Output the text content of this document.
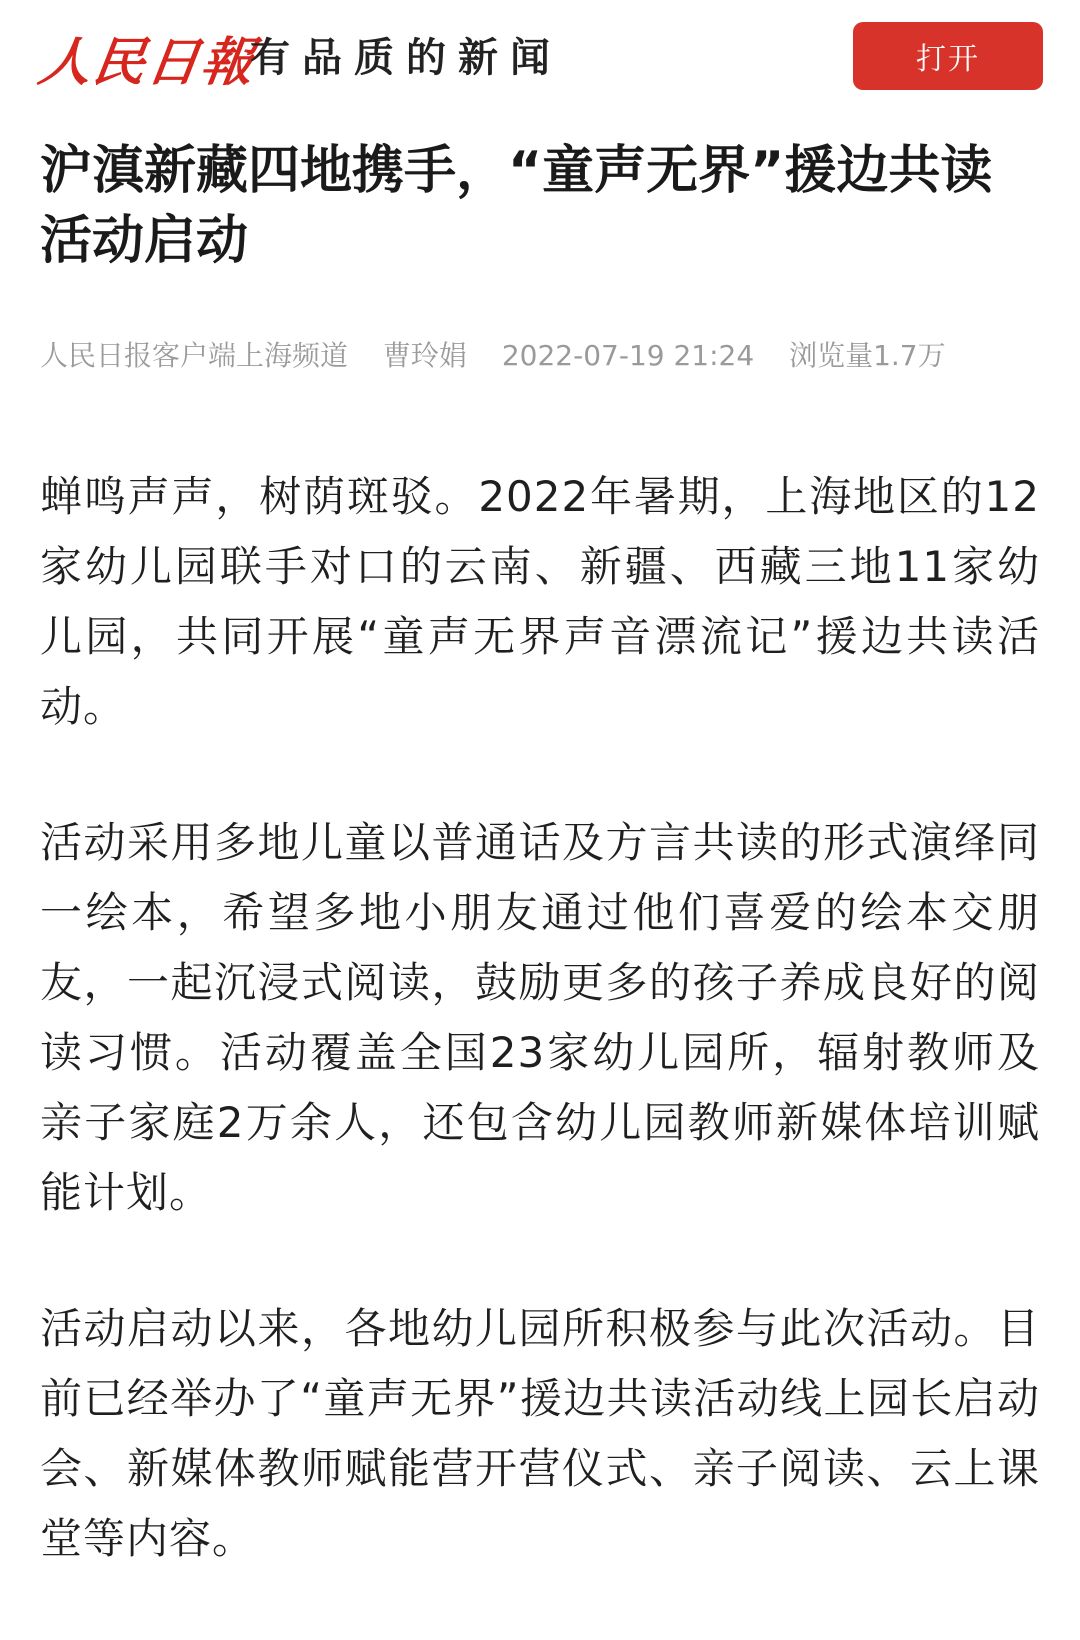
人民日報
有品质的新闻	打开
沪滇新藏四地携手，“童声无界”援边共读活动启动
人民日报客户端上海频道 曹玲娟 2022-07-19 21:24 浏览量1.7万

蝉鸣声声，树荫斑驳。2022年暑期，上海地区的12家幼儿园联手对口的云南、新疆、西藏三地11家幼儿园，共同开展“童声无界声音漂流记”援边共读活动。

活动采用多地儿童以普通话及方言共读的形式演绎同一绘本，希望多地小朋友通过他们喜爱的绘本交朋友，一起沉浸式阅读，鼓励更多的孩子养成良好的阅读习惯。活动覆盖全国23家幼儿园所，辐射教师及亲子家庭2万余人，还包含幼儿园教师新媒体培训赋能计划。

活动启动以来，各地幼儿园所积极参与此次活动。目前已经举办了“童声无界”援边共读活动线上园长启动会、新媒体教师赋能营开营仪式、亲子阅读、云上课堂等内容。
